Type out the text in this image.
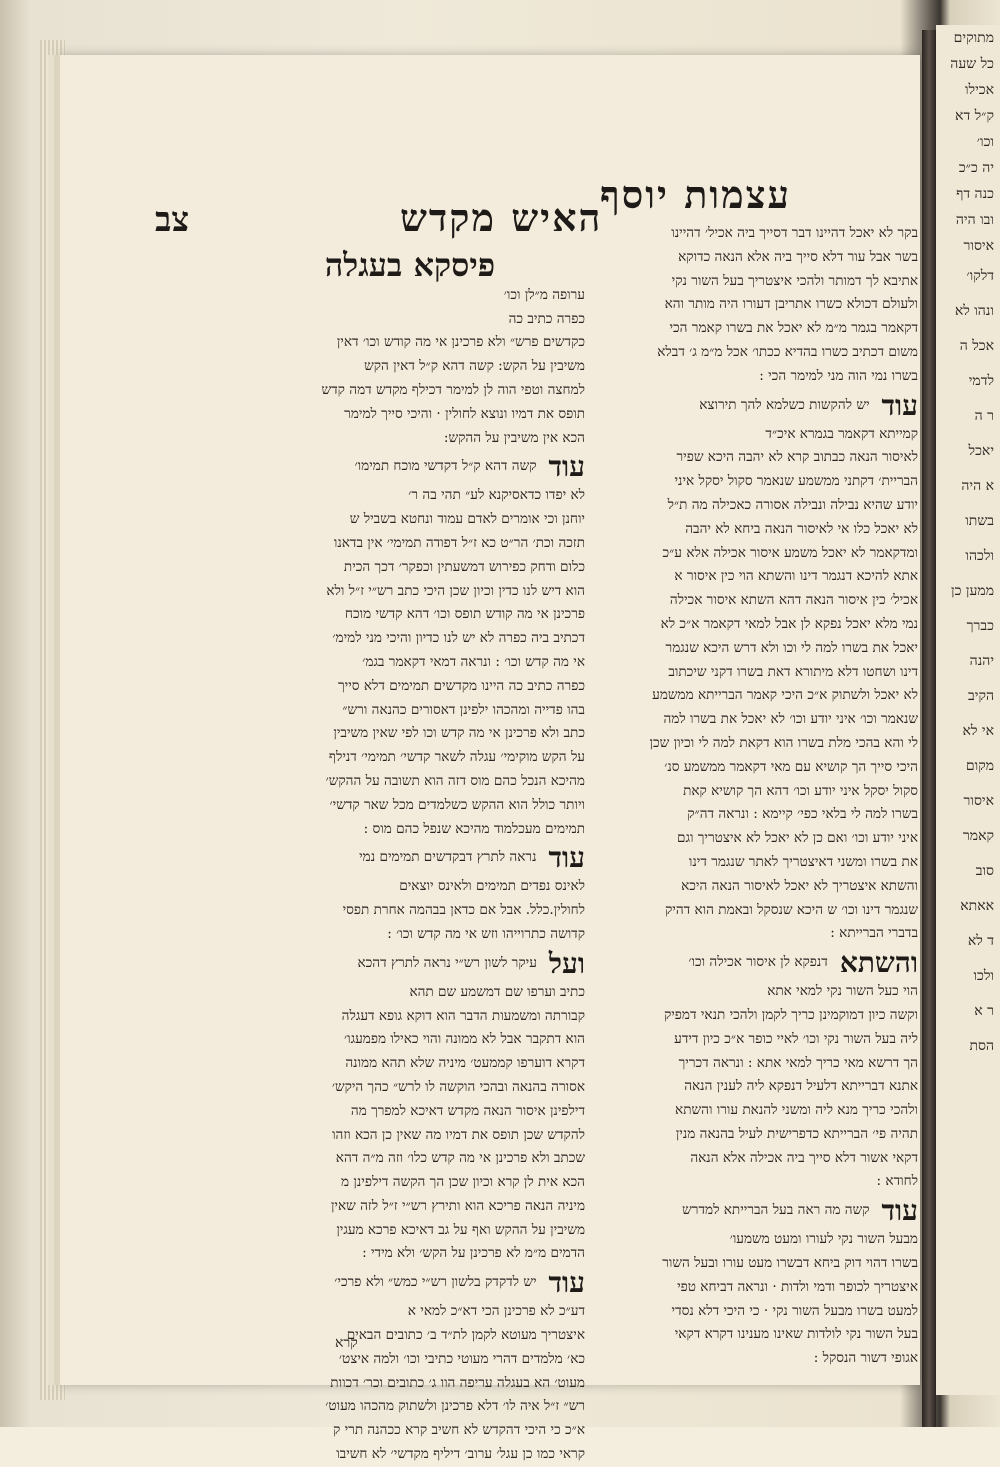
מתוקים
כל שעה
אכילו
ק״ל דא
וכו׳
יה כ״כ
כנה דף
ובו היה
איסור
דלקו׳
ונהו לא
אכל ה
לדמי
ר ה
יאכל
א היה
בשתו
ולכהו
ממען כן
כברך
יהנה
הקיב
אי לא
מקום
איסור
קאמר
סוב
אאתא
ד לא
ולכו
ר א
הסת
צב	האיש מקדש
עצמות יוסף
פיסקא בעגלה
ערופה מ״לן וכו׳
כפרה כתיב כה
כקדשים פרש״ ולא פרכינן אי מה קודש וכו׳ דאין
משיבין על הקש: קשה דהא ק״ל דאין הקש
למחצה וטפי הוה לן למימר דכילף מקדש דמה קדש
תופס את דמיו ונוצא לחולין · והיכי סייך למימר
הכא אין משיבין על ההקש:
עוד
קשה דהא ק״ל דקדשי מוכח תמימו׳
לא יפדו כדאסיקנא לע״ תהי בה ר׳
יוחנן וכי אומרים לאדם עמוד ונחטא בשביל ש
תזכה וכת׳ הר״ט כא ז״ל דפודה תמימי׳ אין בדאנו
כלום ודחק כפירוש דמשעתין וכפקר׳ דכך הכית
הוא דיש לנו כדין וכיון שכן היכי כתב רש״י ז״ל ולא
פרכינן אי מה קודש תופס וכו׳ דהא קדשי מוכח
דכתיב ביה כפרה לא יש לנו כדיון והיכי מני למימ׳
אי מה קדש וכו׳ : ונראה דמאי דקאמר בגמ׳
כפרה כתיב כה היינו מקדשים תמימים דלא סייך
בהו פדייה ומהכהו ילפינן דאסורים כהנאה ורש״
כתב ולא פרכינן אי מה קדש וכו לפי שאין משיבין
על הקש מוקימי׳ עגלה לשאר קדשי׳ תמימי׳ דנילף
מהיכא הנכל כהם מוס דזה הוא תשובה על ההקש׳
ויותר כולל הוא ההקש כשלמדים מכל שאר קדשי׳
תמימים מעכלמוד מהיכא שנפל כהם מוס :
עוד
נראה לתרץ דבקדשים תמימים נמי
לאינס נפדים תמימים ולאינס יוצאים
לחולין.כלל. אבל אם כדאן בבהמה אחרת תפסי
קדושה כתרוייהו וזש אי מה קדש וכו׳ :
ועל
עיקר לשון רש״י נראה לתרץ דהכא
כתיב וערפו שם דמשמע שם תהא
קבורתה ומשמעות הדבר הוא דוקא גופא דעגלה
הוא דתקבר אבל לא ממונה והוי כאילו מפמעגו׳
דקרא דוערפו קממעט׳ מיניה שלא תהא ממונה
אסורה בהנאה ובהכי הוקשה לו לרש״ כהך היקש׳
דילפינן איסור הנאה מקדש דאיכא למפרך מה
להקדש שכן תופס את דמיו מה שאין כן הכא וזהו
שכתב ולא פרכינן אי מה קדש כלו׳ וזה מ״ה דהא
הכא אית לן קרא וכיון שכן הך הקשה דילפינן מ
מיניה הנאה פריכא הוא ותירץ רש״י ז״ל לזה שאין
משיבין על ההקש ואף על גב דאיכא פרכא מעגין
הדמים מ״מ לא פרכינן על הקש׳ ולא מידי :
עוד
יש לדקדק בלשון רש״י כמש״ ולא פרכי׳
דע״כ לא פרכינן הכי דא״כ למאי א
איצטריך מעוטא לקמן לת״ד ב׳ כתובים הבאים
כא׳ מלמדים דהרי מעוטי כתיבי וכו׳ ולמה איצט׳
מעוט׳ הא בעגלה עריפה הוו ג׳ כתובים וכר׳ דכוות
רש״ ז״ל איה לו׳ דלא פרכינן ולשתוק מהכהו מעוט׳
א״כ כי היכי דהקדש לא חשיב קרא ככהנה תרי ק
קראי כמו כן עגל׳ ערוב׳ דיליף מקדשי׳ לא חשיבו
בקר לא יאכל דהיינו דבר דסייך ביה אכיל׳ דהיינו
בשר אבל עור דלא סייך ביה אלא הנאה כדוקא
אתיבא לך דמותר ולהכי איצטריך בעל השור נקי
ולעולם דכולא כשרו אתריבן דעורו היה מותר והא
דקאמר בגמר מ״מ לא יאכל את בשרו קאמר הכי
משום דכתיב כשרו בהדיא ככתו׳ אכל מ״מ ג׳ דבלא
בשרו נמי הוה מני למימר הכי :
עוד
יש להקשות כשלמא להך תירוצא
קמייתא דקאמר בגמרא איכ״ד
לאיסור הנאה כבתוב קרא לא יהבה היכא שפיר
הבריית׳ דקתני ממשמע שנאמר סקול יסקל איני
יודע שהיא נבילה ונבילה אסורה כאכילה מה ת״ל
לא יאכל כלו אי לאיסור הנאה ביחא לא יהבה
ומדקאמר לא יאכל משמע איסור אכילה אלא ע״כ
אתא להיכא דנגמר דינו והשתא הוי כין איסור א
אכיל׳ כין איסור הנאה דהא השתא איסור אכילה
נמי מלא יאכל נפקא לן אבל למאי דקאמר א״כ לא
יאכל את בשרו למה לי וכו ולא דרש היכא שנגמר
דינו ושחטו דלא מיתורא דאת בשרו דקני שיכתוב
לא יאכל ולשתוק א״כ היכי קאמר הברייתא ממשמע
שנאמר וכו׳ איני יודע וכו׳ לא יאכל את בשרו למה
לי והא בהכי מלת בשרו הוא דקאת למה לי וכיון שכן
היכי סייך הך קושיא עם מאי דקאמר ממשמע סנ׳
סקול יסקל איני יודע וכו׳ דהא הך קושיא קאת
בשרו למה לי בלאי כפי׳ קיימא : ונראה דה״ק
איני יודע וכו׳ ואם כן לא יאכל לא איצטריך וגם
את בשרו ומשני דאיצטריך לאתר שנגמר דינו
והשתא איצטריך לא יאכל לאיסור הנאה היכא
שנגמר דינו וכו׳ ש היכא שנסקל ובאמת הוא דהיק
בדברי הברייתא :
והשתא
דנפקא לן איסור אכילה וכו׳
הוי כעל השור נקי למאי אתא
וקשה כיון דמוקמינן כריך לקמן ולהכי תנאי דמפיק
ליה בעל השור נקי וכו׳ לאיי כופר א״כ כיון דידע
הך דרשא מאי כריך למאי אתא : ונראה דכריך
אתנא דברייתא דלעיל דנפקא ליה לענין הנאה
ולהכי כריך מנא ליה ומשני להנאת עורו והשתא
תהיה פי׳ הברייתא כדפרישית לעיל בהנאה מנין
דקאי אשור דלא סייך ביה אכילה אלא הנאה
לחודא :
עוד
קשה מה ראה בעל הברייתא למדרש
מבעל השור נקי לעורו ומעט משמעו׳
בשרו דהוי דוק ביחא דבשרו מעט עורו ובעל השור
איצטריך לכופר ודמי ולדות · ונראה דביחא טפי
למעט בשרו מבעל השור נקי · כי היכי דלא נסדי
בעל השור נקי לולדות שאינו מענינו דקרא דקאי
אגופי דשור הנסקל :
קרא
